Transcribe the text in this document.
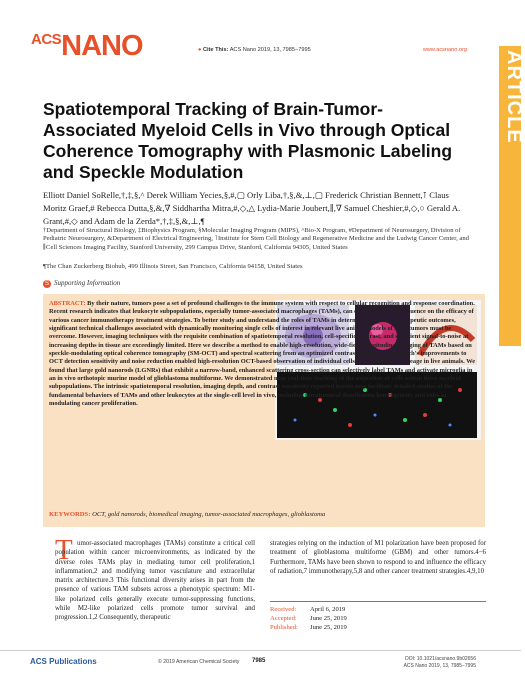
ACSNANO	● Cite This: ACS Nano 2019, 13, 7985−7995	www.acsnano.org ARTICLE
Spatiotemporal Tracking of Brain-Tumor-Associated Myeloid Cells in Vivo through Optical Coherence Tomography with Plasmonic Labeling and Speckle Modulation
Elliott Daniel SoRelle,†,‡,§,^ Derek William Yecies,§,#,▢ Orly Liba,†,§,&,⊥,▢ Frederick Christian Bennett,⊺ Claus Moritz Graef,# Rebecca Dutta,§,&,∇ Siddhartha Mitra,#,◇,△ Lydia-Marie Joubert,∥,∇ Samuel Cheshier,#,◇,○ Gerald A. Grant,#,◇ and Adam de la Zerda*,†,‡,§,&,⊥,¶
†Department of Structural Biology, ‡Biophysics Program, §Molecular Imaging Program (MIPS), ^Bio-X Program, #Department of Neurosurgery, Division of Pediatric Neurosurgery, &Department of Electrical Engineering, ⊺Institute for Stem Cell Biology and Regenerative Medicine and the Ludwig Cancer Center, and ∥Cell Sciences Imaging Facility, Stanford University, 299 Campus Drive, Stanford, California 94305, United States
¶The Chan Zuckerberg Biohub, 499 Illinois Street, San Francisco, California 94158, United States
S Supporting Information
ABSTRACT: By their nature, tumors pose a set of profound challenges to the immune system with respect to cellular recognition and response coordination. Recent research indicates that leukocyte subpopulations, especially tumor-associated macrophages (TAMs), can exert substantial influence on the efficacy of various cancer immunotherapy treatment strategies. To better study and understand the roles of TAMs in determining immunotherapeutic outcomes, significant technical challenges associated with dynamically monitoring single cells of interest in relevant live animal models of solid tumors must be overcome. However, imaging techniques with the requisite combination of spatiotemporal resolution, cell-specific contrast, and sufficient signal-to-noise at increasing depths in tissue are exceedingly limited. Here we describe a method to enable high-resolution, wide-field, longitudinal imaging of TAMs based on speckle-modulating optical coherence tomography (SM-OCT) and spectral scattering from an optimized contrast agent. The approach's improvements to OCT detection sensitivity and noise reduction enabled high-resolution OCT-based observation of individual cells of a specific host lineage in live animals. We found that large gold nanorods (LGNRs) that exhibit a narrow-band, enhanced scattering cross-section can selectively label TAMs and activate microglia in an in vivo orthotopic murine model of glioblastoma multiforme. We demonstrated near real-time tracking of the migration of cells within these myeloid subpopulations. The intrinsic spatiotemporal resolution, imaging depth, and contrast sensitivity reported herein may facilitate detailed studies of the fundamental behaviors of TAMs and other leukocytes at the single-cell level in vivo, including intratumoral distribution heterogeneity and roles in modulating cancer proliferation.
KEYWORDS: OCT, gold nanorods, biomedical imaging, tumor-associated macrophages, glioblastoma
T umor-associated macrophages (TAMs) constitute a critical cell population within cancer microenvironments, as indicated by the diverse roles TAMs play in mediating tumor cell proliferation,1 inflammation,2 and modifying tumor vasculature and extracellular matrix architecture.3 This functional diversity arises in part from the presence of various TAM subsets across a phenotypic spectrum: M1-like polarized cells generally execute tumor-suppressing functions, while M2-like polarized cells promote tumor survival and progression.1,2 Consequently, therapeutic
strategies relying on the induction of M1 polarization have been proposed for treatment of glioblastoma multiforme (GBM) and other tumors.4−6 Furthermore, TAMs have been shown to respond to and influence the efficacy of radiation,7 immunotherapy,5,8 and other cancer treatment strategies.4,9,10
Received: April 6, 2019
Accepted: June 25, 2019
Published: June 25, 2019
ACS Publications	© 2019 American Chemical Society 7985	DOI: 10.1021/acsnano.9b02656
ACS Nano 2019, 13, 7985−7995
